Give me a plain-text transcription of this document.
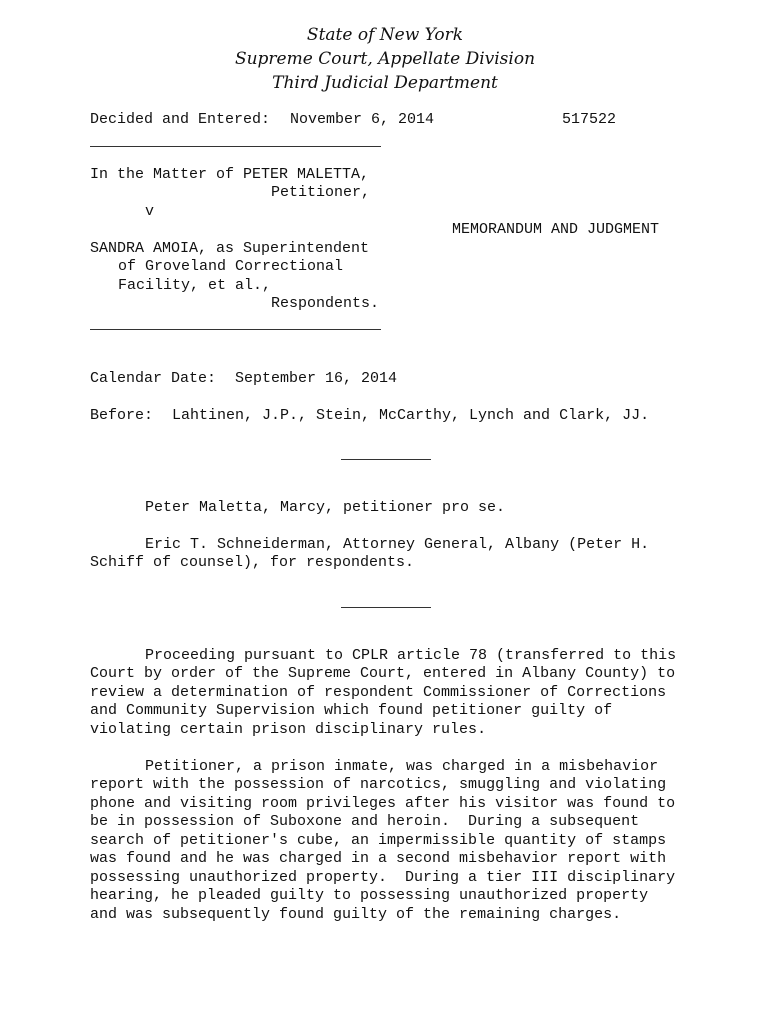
State of New York
Supreme Court, Appellate Division
Third Judicial Department
Decided and Entered: November 6, 2014	517522
In the Matter of PETER MALETTA,
Petitioner,
v
MEMORANDUM AND JUDGMENT
SANDRA AMOIA, as Superintendent
of Groveland Correctional
Facility, et al.,
Respondents.
Calendar Date: September 16, 2014
Before: Lahtinen, J.P., Stein, McCarthy, Lynch and Clark, JJ.
Peter Maletta, Marcy, petitioner pro se.
Eric T. Schneiderman, Attorney General, Albany (Peter H.
Schiff of counsel), for respondents.
Proceeding pursuant to CPLR article 78 (transferred to this
Court by order of the Supreme Court, entered in Albany County) to
review a determination of respondent Commissioner of Corrections
and Community Supervision which found petitioner guilty of
violating certain prison disciplinary rules.
Petitioner, a prison inmate, was charged in a misbehavior
report with the possession of narcotics, smuggling and violating
phone and visiting room privileges after his visitor was found to
be in possession of Suboxone and heroin.  During a subsequent
search of petitioner's cube, an impermissible quantity of stamps
was found and he was charged in a second misbehavior report with
possessing unauthorized property.  During a tier III disciplinary
hearing, he pleaded guilty to possessing unauthorized property
and was subsequently found guilty of the remaining charges.
